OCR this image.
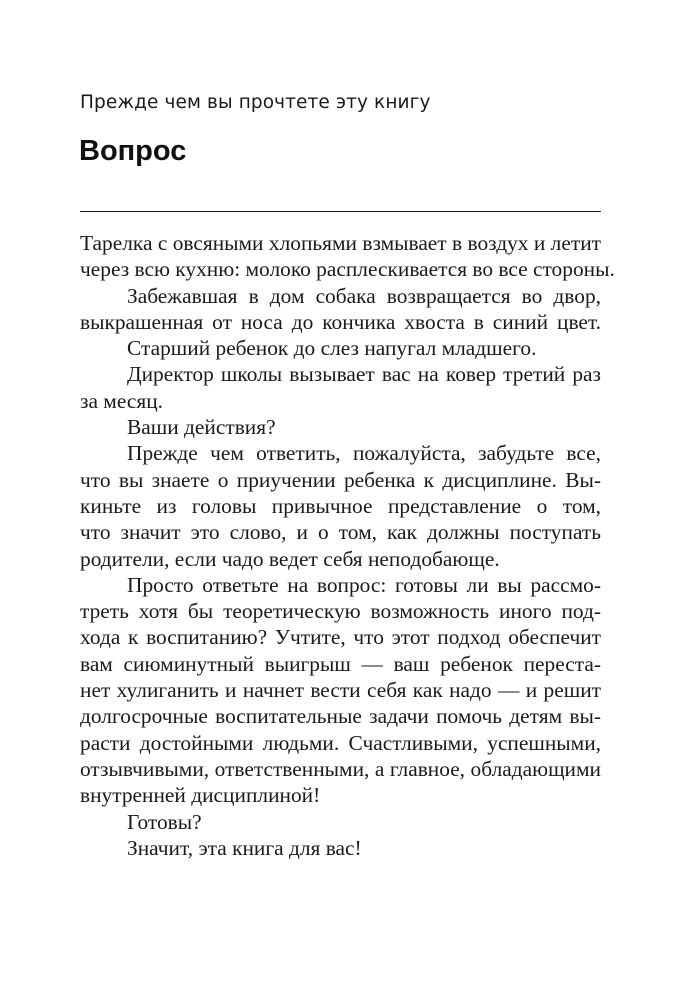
Прежде чем вы прочтете эту книгу
Вопрос
Тарелка с овсяными хлопьями взмывает в воздух и летит
через всю кухню: молоко расплескивается во все стороны.
Забежавшая в дом собака возвращается во двор,
выкрашенная от носа до кончика хвоста в синий цвет.
Старший ребенок до слез напугал младшего.
Директор школы вызывает вас на ковер третий раз
за месяц.
Ваши действия?
Прежде чем ответить, пожалуйста, забудьте все,
что вы знаете о приучении ребенка к дисциплине. Вы-
киньте из головы привычное представление о том,
что значит это слово, и о том, как должны поступать
родители, если чадо ведет себя неподобающе.
Просто ответьте на вопрос: готовы ли вы рассмо-
треть хотя бы теоретическую возможность иного под-
хода к воспитанию? Учтите, что этот подход обеспечит
вам сиюминутный выигрыш — ваш ребенок переста-
нет хулиганить и начнет вести себя как надо — и решит
долгосрочные воспитательные задачи помочь детям вы-
расти достойными людьми. Счастливыми, успешными,
отзывчивыми, ответственными, а главное, обладающими
внутренней дисциплиной!
Готовы?
Значит, эта книга для вас!
